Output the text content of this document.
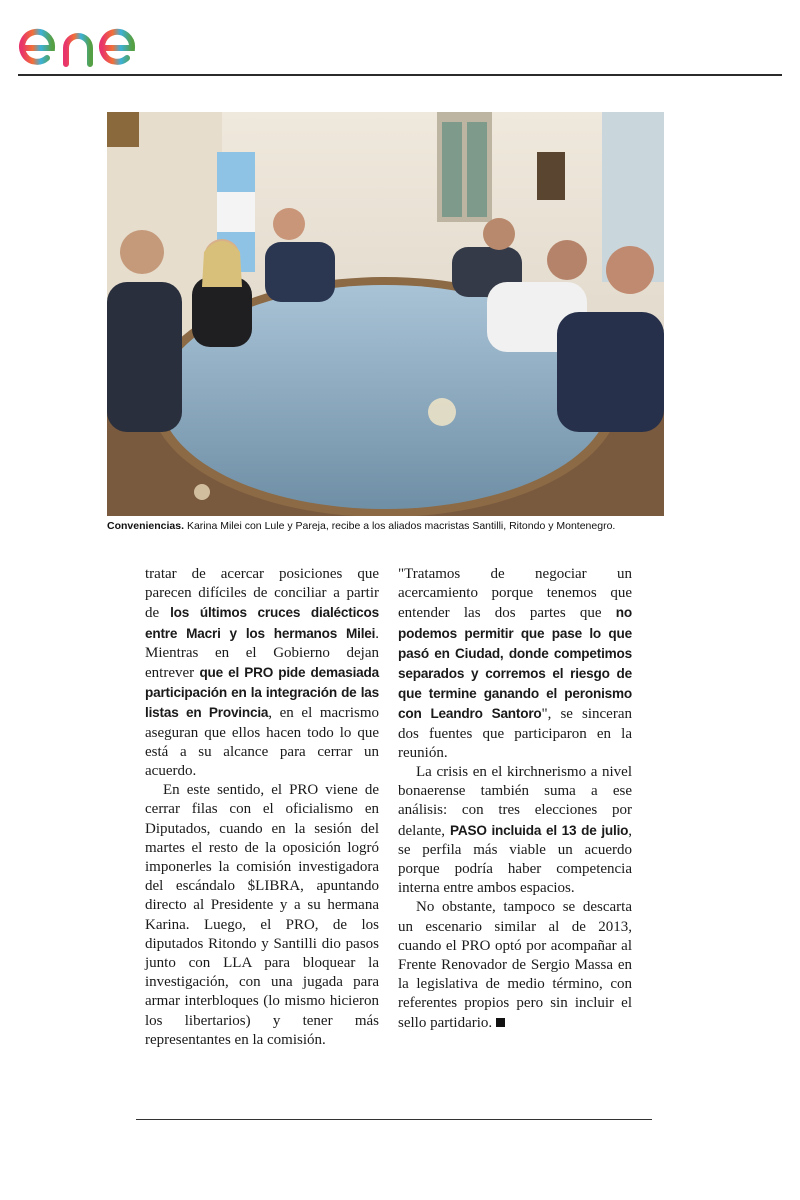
Conveniencias. Karina Milei con Lule y Pareja, recibe a los aliados macristas Santilli, Ritondo y Montenegro.

tratar de acercar posiciones que parecen difíciles de conciliar a partir de los últimos cruces dialécticos entre Macri y los hermanos Milei. Mientras en el Gobierno dejan entrever que el PRO pide demasiada participación en la integración de las listas en Provincia, en el macrismo aseguran que ellos hacen todo lo que está a su alcance para cerrar un acuerdo.

En este sentido, el PRO viene de cerrar filas con el oficialismo en Diputados, cuando en la sesión del martes el resto de la oposición logró imponerles la comisión investigadora del escándalo $LIBRA, apuntando directo al Presidente y a su hermana Karina. Luego, el PRO, de los diputados Ritondo y Santilli dio pasos junto con LLA para bloquear la investigación, con una jugada para armar interbloques (lo mismo hicieron los libertarios) y tener más representantes en la comisión.

"Tratamos de negociar un acercamiento porque tenemos que entender las dos partes que no podemos permitir que pase lo que pasó en Ciudad, donde competimos separados y corremos el riesgo de que termine ganando el peronismo con Leandro Santoro", se sinceran dos fuentes que participaron en la reunión.

La crisis en el kirchnerismo a nivel bonaerense también suma a ese análisis: con tres elecciones por delante, PASO incluida el 13 de julio, se perfila más viable un acuerdo porque podría haber competencia interna entre ambos espacios.

No obstante, tampoco se descarta un escenario similar al de 2013, cuando el PRO optó por acompañar al Frente Renovador de Sergio Massa en la legislativa de medio término, con referentes propios pero sin incluir el sello partidario.
